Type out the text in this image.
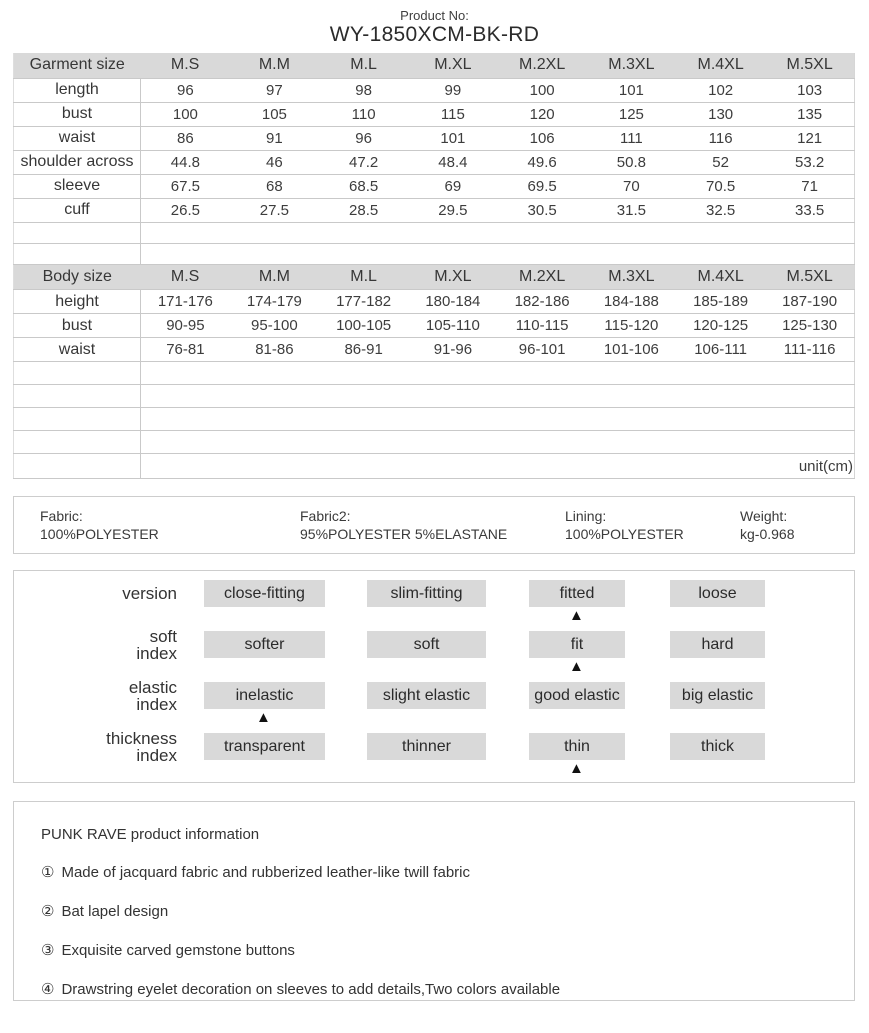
Product No:
WY-1850XCM-BK-RD
Garment size	M.S	M.M	M.L	M.XL	M.2XL	M.3XL	M.4XL	M.5XL
length	96	97	98	99	100	101	102	103
bust	100	105	110	115	120	125	130	135
waist	86	91	96	101	106	111	116	121
shoulder across	44.8	46	47.2	48.4	49.6	50.8	52	53.2
sleeve	67.5	68	68.5	69	69.5	70	70.5	71
cuff	26.5	27.5	28.5	29.5	30.5	31.5	32.5	33.5

Body size	M.S	M.M	M.L	M.XL	M.2XL	M.3XL	M.4XL	M.5XL
height	171-176	174-179	177-182	180-184	182-186	184-188	185-189	187-190
bust	90-95	95-100	100-105	105-110	110-115	115-120	120-125	125-130
waist	76-81	81-86	86-91	91-96	96-101	101-106	106-111	111-116

	unit(cm)							
Fabric:
100%POLYESTER
Fabric2:
95%POLYESTER 5%ELASTANE
Lining:
100%POLYESTER
Weight:
kg-0.968
version	close-fitting	slim-fitting	fitted	loose
▲
soft
index	softer	soft	fit	hard
▲
elastic
index	inelastic	slight elastic	good elastic	big elastic
▲
thickness
index	transparent	thinner	thin	thick
▲
PUNK RAVE product information
① Made of jacquard fabric and rubberized leather-like twill fabric
② Bat lapel design
③ Exquisite carved gemstone buttons
④ Drawstring eyelet decoration on sleeves to add details,Two colors available
